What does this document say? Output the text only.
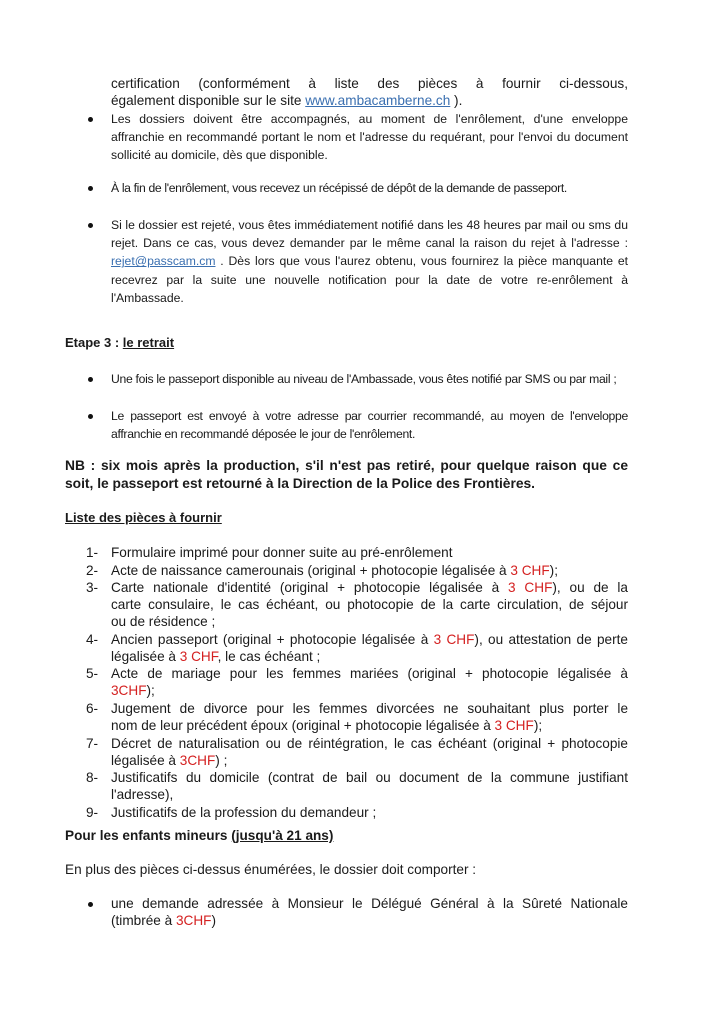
certification (conformément à liste des pièces à fournir ci-dessous,
également disponible sur le site www.ambacamberne.ch ).
Les dossiers doivent être accompagnés, au moment de l'enrôlement, d'une enveloppe affranchie en recommandé portant le nom et l'adresse du requérant, pour l'envoi du document sollicité au domicile, dès que disponible.
À la fin de l'enrôlement, vous recevez un récépissé de dépôt de la demande de passeport.
Si le dossier est rejeté, vous êtes immédiatement notifié dans les 48 heures par mail ou sms du rejet. Dans ce cas, vous devez demander par le même canal la raison du rejet à l'adresse : rejet@passcam.cm . Dès lors que vous l'aurez obtenu, vous fournirez la pièce manquante et recevrez par la suite une nouvelle notification pour la date de votre re-enrôlement à l'Ambassade.
Etape 3 : le retrait
Une fois le passeport disponible au niveau de l'Ambassade, vous êtes notifié par SMS ou par mail ;
Le passeport est envoyé à votre adresse par courrier recommandé, au moyen de l'enveloppe affranchie en recommandé déposée le jour de l'enrôlement.
NB : six mois après la production, s'il n'est pas retiré, pour quelque raison que ce
soit, le passeport est retourné à la Direction de la Police des Frontières.
Liste des pièces à fournir
1- Formulaire imprimé pour donner suite au pré-enrôlement
2- Acte de naissance camerounais (original + photocopie légalisée à 3 CHF);
3- Carte nationale d'identité (original + photocopie légalisée à 3 CHF), ou de la
carte consulaire, le cas échéant, ou photocopie de la carte circulation, de séjour
ou de résidence ;
4- Ancien passeport (original + photocopie légalisée à 3 CHF), ou attestation de perte
légalisée à 3 CHF, le cas échéant ;
5- Acte de mariage pour les femmes mariées (original + photocopie légalisée à
3CHF);
6- Jugement de divorce pour les femmes divorcées ne souhaitant plus porter le
nom de leur précédent époux (original + photocopie légalisée à 3 CHF);
7- Décret de naturalisation ou de réintégration, le cas échéant (original + photocopie
légalisée à 3CHF) ;
8- Justificatifs du domicile (contrat de bail ou document de la commune justifiant
l'adresse),
9- Justificatifs de la profession du demandeur ;
Pour les enfants mineurs (jusqu'à 21 ans)
En plus des pièces ci-dessus énumérées, le dossier doit comporter :
une demande adressée à Monsieur le Délégué Général à la Sûreté Nationale
(timbrée à 3CHF)
